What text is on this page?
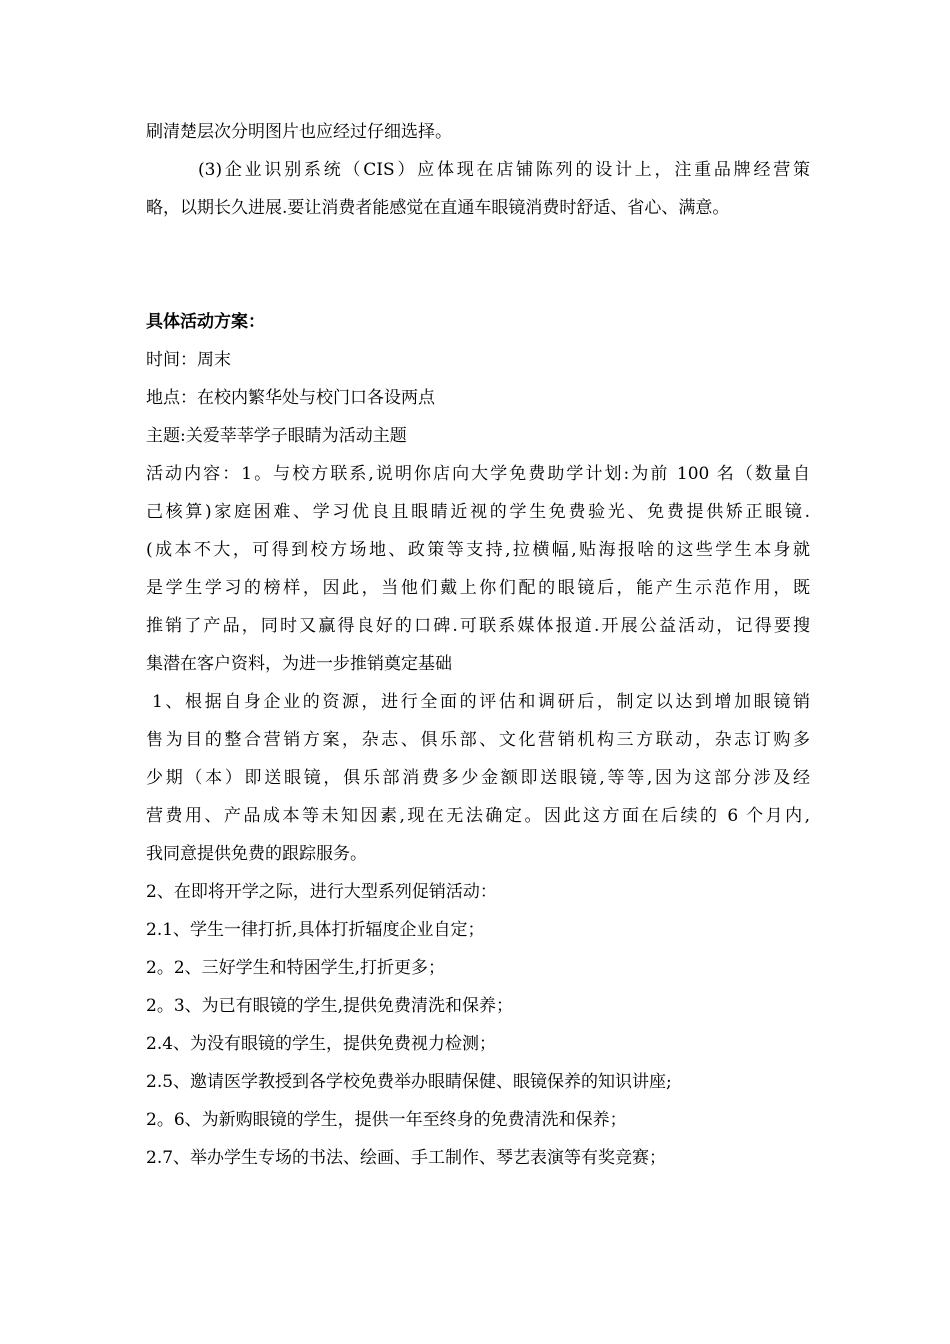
刷清楚层次分明图片也应经过仔细选择。
(3)企业识别系统（CIS）应体现在店铺陈列的设计上，注重品牌经营策
略，以期长久进展.要让消费者能感觉在直通车眼镜消费时舒适、省心、满意。
具体活动方案：
时间：周末
地点：在校内繁华处与校门口各设两点
主题:关爱莘莘学子眼睛为活动主题
活动内容：1。与校方联系,说明你店向大学免费助学计划:为前 100 名（数量自
己核算)家庭困难、学习优良且眼睛近视的学生免费验光、免费提供矫正眼镜.
(成本不大，可得到校方场地、政策等支持,拉横幅,贴海报啥的这些学生本身就
是学生学习的榜样，因此，当他们戴上你们配的眼镜后，能产生示范作用，既
推销了产品，同时又赢得良好的口碑.可联系媒体报道.开展公益活动，记得要搜
集潜在客户资料，为进一步推销奠定基础
1、根据自身企业的资源，进行全面的评估和调研后，制定以达到增加眼镜销
售为目的整合营销方案，杂志、俱乐部、文化营销机构三方联动，杂志订购多
少期（本）即送眼镜，俱乐部消费多少金额即送眼镜,等等,因为这部分涉及经
营费用、产品成本等未知因素,现在无法确定。因此这方面在后续的 6 个月内,
我同意提供免费的跟踪服务。
2、在即将开学之际，进行大型系列促销活动：
2.1、学生一律打折,具体打折辐度企业自定；
2。2、三好学生和特困学生,打折更多；
2。3、为已有眼镜的学生,提供免费清洗和保养；
2.4、为没有眼镜的学生，提供免费视力检测；
2.5、邀请医学教授到各学校免费举办眼睛保健、眼镜保养的知识讲座;
2。6、为新购眼镜的学生，提供一年至终身的免费清洗和保养；
2.7、举办学生专场的书法、绘画、手工制作、琴艺表演等有奖竞赛；
